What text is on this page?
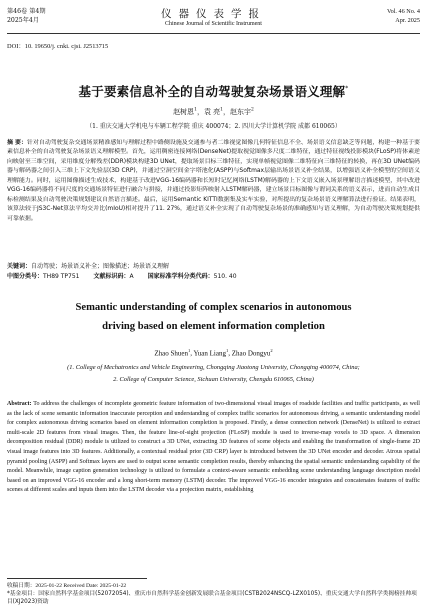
第46卷 第4期
2025年4月	仪器仪表学报
Chinese Journal of Scientific Instrument
Vol. 46 No. 4
Apr. 2025
DOI：10. 19650/j. cnki. cjsi. J2513715
基于要素信息补全的自动驾驶复杂场景语义理解*
赵树恩$^1$，袁 亮$^1$，赵东宇$^2$
（1. 重庆交通大学机电与车辆工程学院 重庆 400074；2. 四川大学计算机学院 成都 610065）
摘 要：针对自动驾驶复杂交通场景精准感知与理解过程中路侧设施及交通参与者二维视觉图像几何特征信息不全、场景语义信息缺乏等问题，构建一种基于要素信息补全的自动驾驶复杂场景语义理解模型。首先，运用稠密连接网络(DenseNet)提取视觉图像多尺度二维特征，通过特征视线投影模块(FLoSP)将体素逆向映射至三维空间，采用维度分解残差(DDR)模块构建3D UNet，提取场景目标三维特征，实现单帧视觉图像二维特征向三维特征的转换，再在3D UNet编码器与解码器之间引入三维上下文先验层(3D CRP)，并通过空洞空间金字塔池化(ASPP)与Softmax层输出场景语义补全结果，以增强语义补全模型的空间语义理解能力。同时，运用图像描述生成技术，构建基于改进VGG-16编码器和长短时记忆网络(LSTM)解码器的上下文语义嵌入场景理解语言描述模型，其中改进VGG-16编码器将不同尺度的交通场景特征进行融合与拼接，并通过投影矩阵映射入LSTM解码器，建立场景目标图像与谓词关系的语义表示，进而自动生成目标检测结果及自动驾驶决策规划建议自然语言描述。最后，运用Semantic KITTI数据集及实车实验，对所提出的复杂场景语义理解算法进行验证。结果表明，该算法较于JS3C-Net算法平均交并比(mIoU)相对提升了11. 27%，通过语义补全实现了自动驾驶复杂场景的准确感知与语义理解，为自动驾驶决策规划提供可靠依据。
关键词：自动驾驶；场景语义补全；图像描述；场景语义理解
中图分类号：TH89 TP751 文献标识码：A 国家标准学科分类代码：510. 40
Semantic understanding of complex scenarios in autonomous
driving based on element information completion
Zhao Shuen$^1$, Yuan Liang$^1$, Zhao Dongyu$^2$
(1. College of Mechatronics and Vehicle Engineering, Chongqing Jiaotong University, Chongqing 400074, China;
2. College of Computer Science, Sichuan University, Chengdu 610065, China)
Abstract: To address the challenges of incomplete geometric feature information of two-dimensional visual images of roadside facilities and traffic participants, as well as the lack of scene semantic information inaccurate perception and understanding of complex traffic scenarios for autonomous driving, a semantic understanding model for complex autonomous driving scenarios based on element information completion is proposed. Firstly, a dense connection network (DenseNet) is utilized to extract multi-scale 2D features from visual images. Then, the feature line-of-sight projection (FLoSP) module is used to inverse-map voxels to 3D space. A dimension decomposition residual (DDR) module is utilized to construct a 3D UNet, extracting 3D features of scene objects and enabling the transformation of single-frame 2D visual image features into 3D features. Additionally, a contextual residual prior (3D CRP) layer is introduced between the 3D UNet encoder and decoder. Atrous spatial pyramid pooling (ASPP) and Softmax layers are used to output scene semantic completion results, thereby enhancing the spatial semantic understanding capability of the model. Meanwhile, image caption generation technology is utilized to formulate a context-aware semantic embedding scene understanding language description model based on an improved VGG-16 encoder and a long short-term memory (LSTM) decoder. The improved VGG-16 encoder integrates and concatenates features of traffic scenes at different scales and inputs them into the LSTM decoder via a projection matrix, establishing
收稿日期：2025-01-22 Received Date: 2025-01-22
*基金项目：国家自然科学基金项目(52072054)、重庆市自然科学基金创新发展联合基金项目(CSTB2024NSCQ-LZX0105)、重庆交通大学自然科学类揭榜挂帅项目(XJ2023)资助
